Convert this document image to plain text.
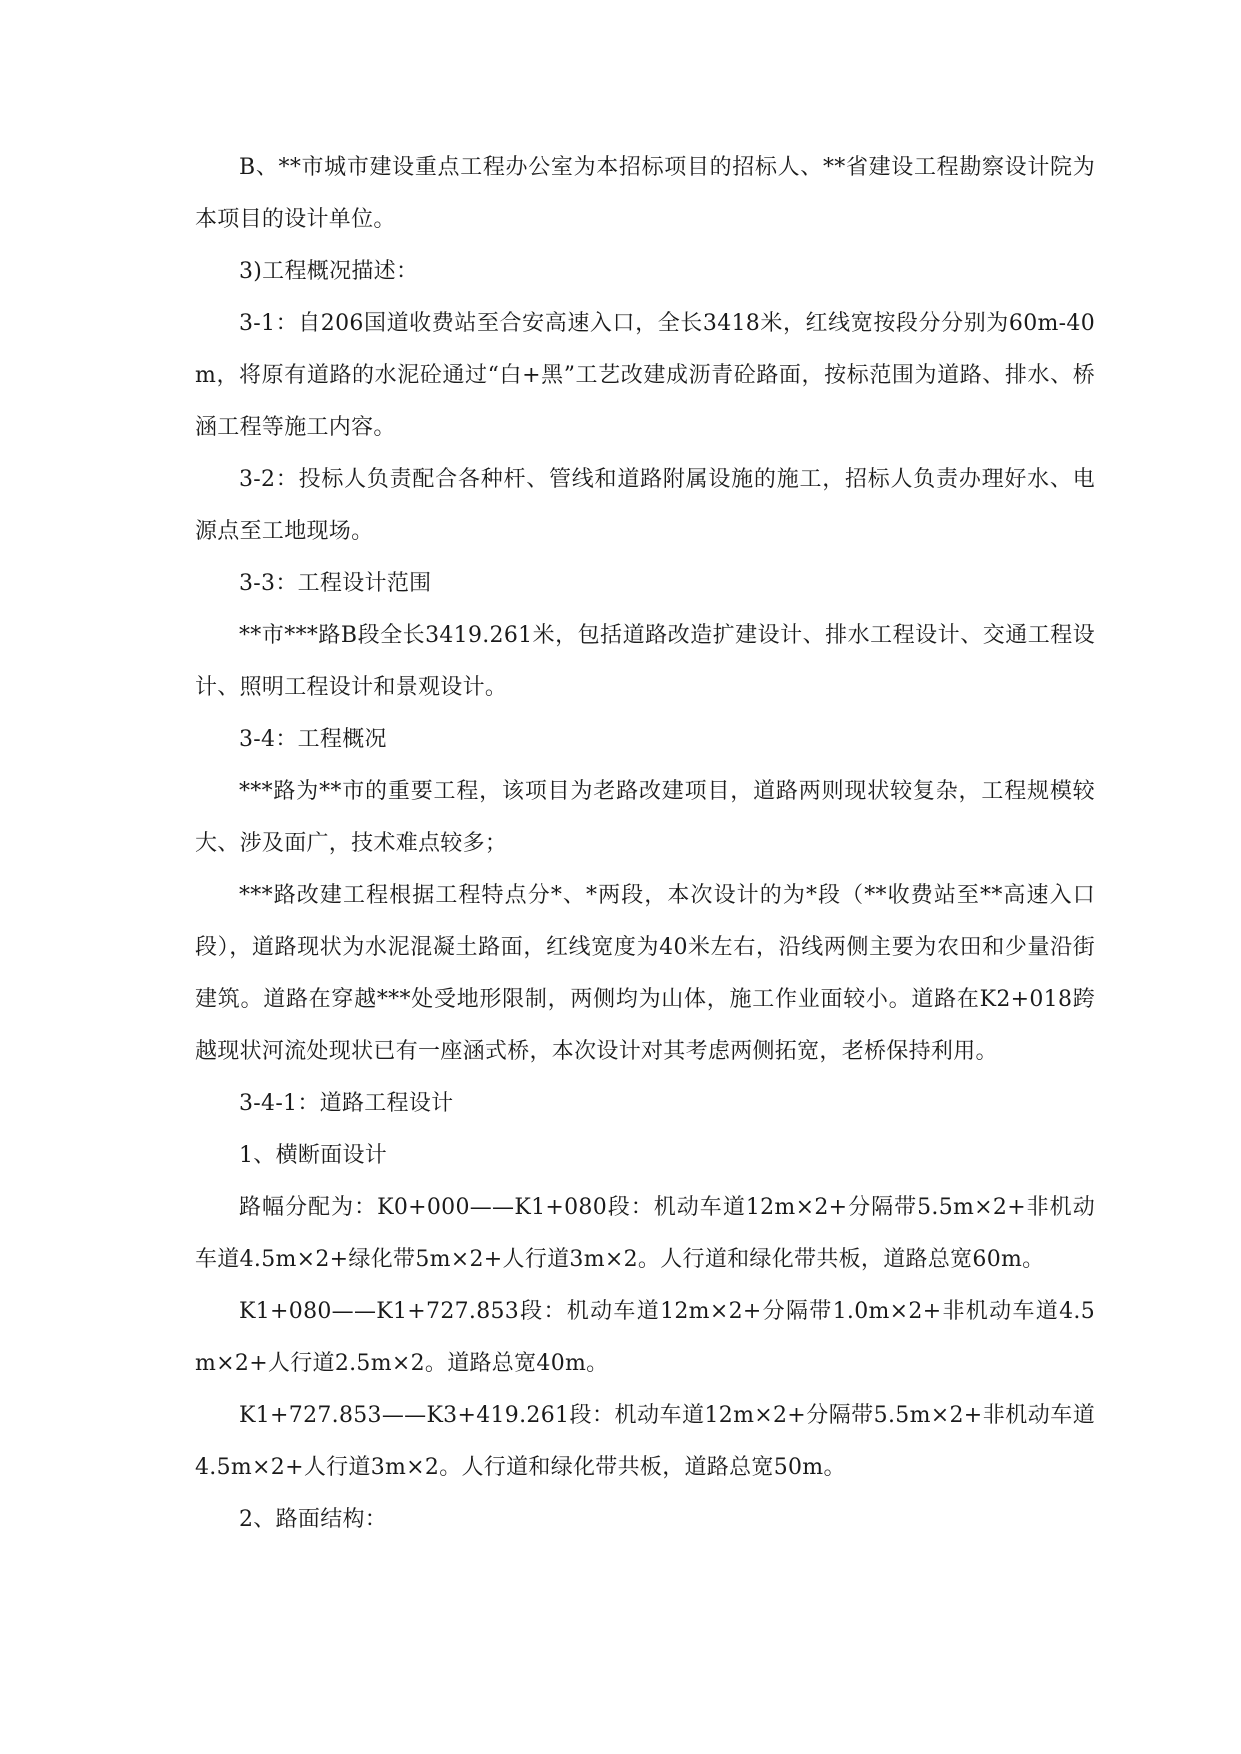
B、**市城市建设重点工程办公室为本招标项目的招标人、**省建设工程勘察设计院为本项目的设计单位。

3)工程概况描述：

3-1：自206国道收费站至合安高速入口，全长3418米，红线宽按段分分别为60m-40m，将原有道路的水泥砼通过“白+黑”工艺改建成沥青砼路面，按标范围为道路、排水、桥涵工程等施工内容。

3-2：投标人负责配合各种杆、管线和道路附属设施的施工，招标人负责办理好水、电源点至工地现场。

3-3：工程设计范围

**市***路B段全长3419.261米，包括道路改造扩建设计、排水工程设计、交通工程设计、照明工程设计和景观设计。

3-4：工程概况

***路为**市的重要工程，该项目为老路改建项目，道路两则现状较复杂，工程规模较大、涉及面广，技术难点较多；

***路改建工程根据工程特点分*、*两段，本次设计的为*段（**收费站至**高速入口段），道路现状为水泥混凝土路面，红线宽度为40米左右，沿线两侧主要为农田和少量沿街建筑。道路在穿越***处受地形限制，两侧均为山体，施工作业面较小。道路在K2+018跨越现状河流处现状已有一座涵式桥，本次设计对其考虑两侧拓宽，老桥保持利用。

3-4-1：道路工程设计

1、横断面设计

路幅分配为：K0+000——K1+080段：机动车道12m×2+分隔带5.5m×2+非机动车道4.5m×2+绿化带5m×2+人行道3m×2。人行道和绿化带共板，道路总宽60m。

K1+080——K1+727.853段：机动车道12m×2+分隔带1.0m×2+非机动车道4.5m×2+人行道2.5m×2。道路总宽40m。

K1+727.853——K3+419.261段：机动车道12m×2+分隔带5.5m×2+非机动车道4.5m×2+人行道3m×2。人行道和绿化带共板，道路总宽50m。

2、路面结构：
